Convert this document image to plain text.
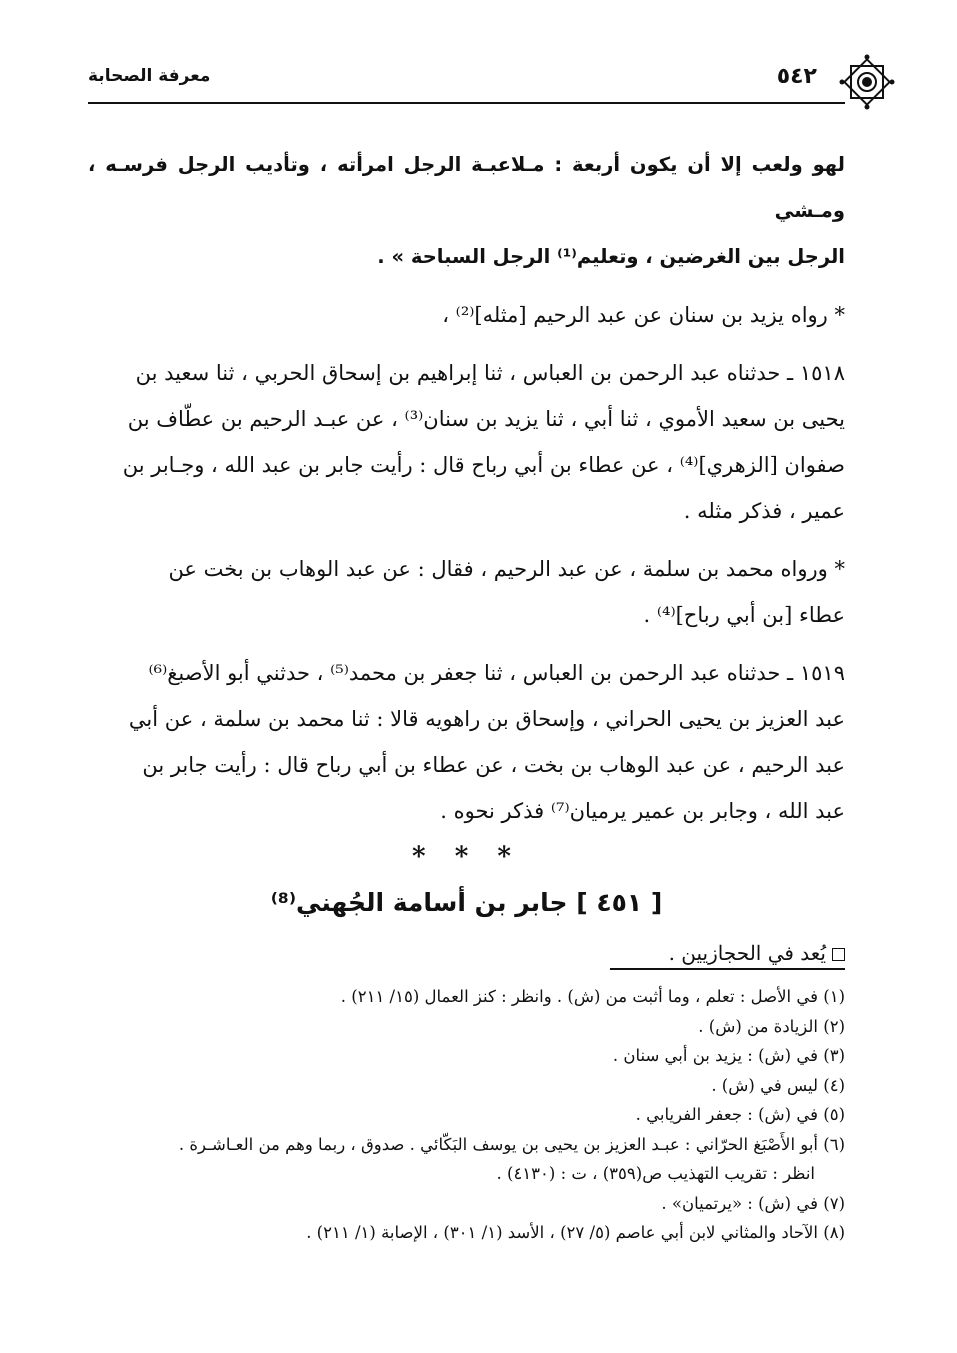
٥٤٢
معرفة الصحابة

لهو ولعب إلا أن يكون أربعة : مـلاعبـة الرجل امرأته ، وتأديب الرجل فرسـه ، ومـشي

الرجل بين الغرضين ، وتعليم⁽¹⁾ الرجل السباحة » .

* رواه يزيد بن سنان عن عبد الرحيم [مثله]⁽²⁾ ،

١٥١٨ ـ حدثناه عبد الرحمن بن العباس ، ثنا إبراهيم بن إسحاق الحربي ، ثنا سعيد بن

يحيى بن سعيد الأموي ، ثنا أبي ، ثنا يزيد بن سنان⁽³⁾ ، عن عبـد الرحيم بن عطّاف بن

صفوان [الزهري]⁽⁴⁾ ، عن عطاء بن أبي رباح قال : رأيت جابر بن عبد الله ، وجـابر بن

عمير ، فذكر مثله .

* ورواه محمد بن سلمة ، عن عبد الرحيم ، فقال : عن عبد الوهاب بن بخت عن

عطاء [بن أبي رباح]⁽⁴⁾ .

١٥١٩ ـ حدثناه عبد الرحمن بن العباس ، ثنا جعفر بن محمد⁽⁵⁾ ، حدثني أبو الأصبغ⁽⁶⁾

عبد العزيز بن يحيى الحراني ، وإسحاق بن راهويه قالا : ثنا محمد بن سلمة ، عن أبي

عبد الرحيم ، عن عبد الوهاب بن بخت ، عن عطاء بن أبي رباح قال : رأيت جابر بن

عبد الله ، وجابر بن عمير يرميان⁽⁷⁾ فذكر نحوه .

* * *
[ ٤٥١ ] جابر بن أسامة الجُهني⁽⁸⁾

يُعد في الحجازيين .

(١) في الأصل : تعلم ، وما أثبت من (ش) . وانظر : كنز العمال (١٥/ ٢١١) .

(٢) الزيادة من (ش) .

(٣) في (ش) : يزيد بن أبي سنان .

(٤) ليس في (ش) .

(٥) في (ش) : جعفر الفريابي .

(٦) أبو الأَصْبَغ الحرّاني : عبـد العزيز بن يحيى بن يوسف البَكّائي . صدوق ، ربما وهم من العـاشـرة .

انظر : تقريب التهذيب ص(٣٥٩) ، ت : (٤١٣٠) .

(٧) في (ش) : «يرتميان» .

(٨) الآحاد والمثاني لابن أبي عاصم (٥/ ٢٧) ، الأسد (١/ ٣٠١) ، الإصابة (١/ ٢١١) .
